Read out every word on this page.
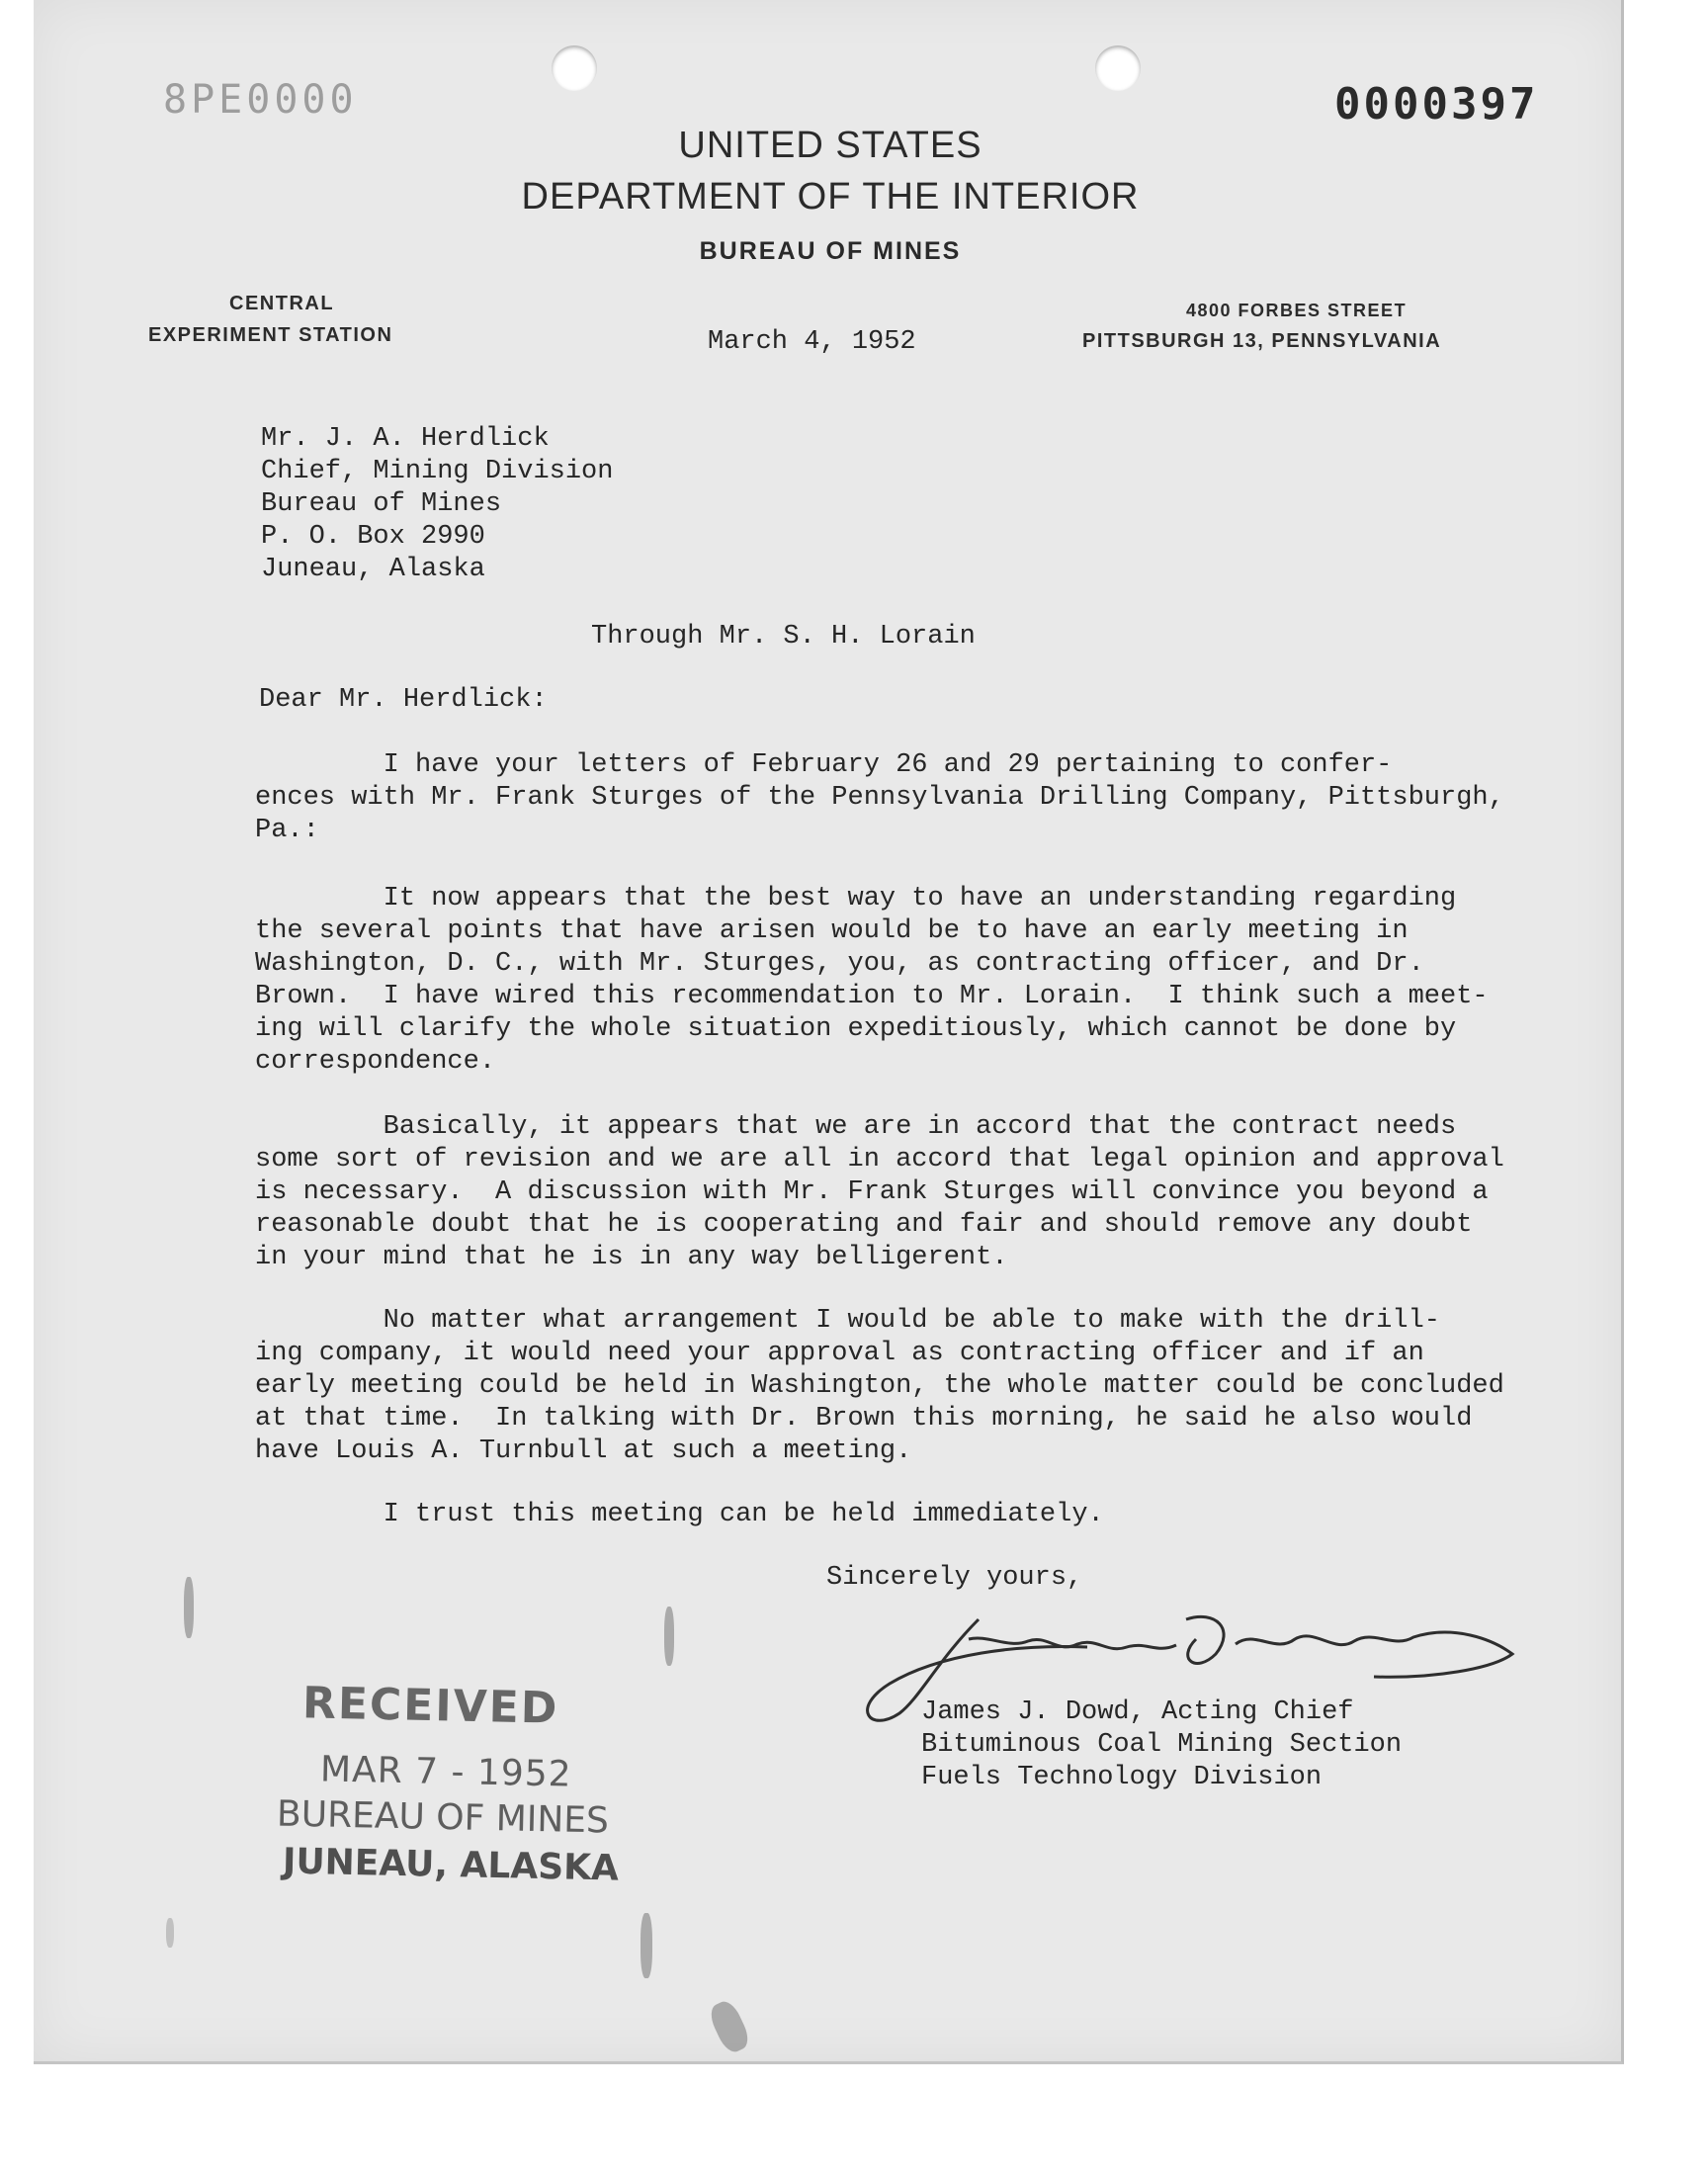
8PE0000	0000397
UNITED STATES
DEPARTMENT OF THE INTERIOR
BUREAU OF MINES
CENTRAL
EXPERIMENT STATION
4800 FORBES STREET
PITTSBURGH 13, PENNSYLVANIA
March 4, 1952
Mr. J. A. Herdlick
Chief, Mining Division
Bureau of Mines
P. O. Box 2990
Juneau, Alaska
Through Mr. S. H. Lorain
Dear Mr. Herdlick:
I have your letters of February 26 and 29 pertaining to confer-
ences with Mr. Frank Sturges of the Pennsylvania Drilling Company, Pittsburgh,
Pa.:
It now appears that the best way to have an understanding regarding
the several points that have arisen would be to have an early meeting in
Washington, D. C., with Mr. Sturges, you, as contracting officer, and Dr.
Brown.  I have wired this recommendation to Mr. Lorain.  I think such a meet-
ing will clarify the whole situation expeditiously, which cannot be done by
correspondence.
Basically, it appears that we are in accord that the contract needs
some sort of revision and we are all in accord that legal opinion and approval
is necessary.  A discussion with Mr. Frank Sturges will convince you beyond a
reasonable doubt that he is cooperating and fair and should remove any doubt
in your mind that he is in any way belligerent.
No matter what arrangement I would be able to make with the drill-
ing company, it would need your approval as contracting officer and if an
early meeting could be held in Washington, the whole matter could be concluded
at that time.  In talking with Dr. Brown this morning, he said he also would
have Louis A. Turnbull at such a meeting.
I trust this meeting can be held immediately.
Sincerely yours,
James J. Dowd, Acting Chief
Bituminous Coal Mining Section
Fuels Technology Division
RECEIVED
MAR 7 - 1952
BUREAU OF MINES
JUNEAU, ALASKA
